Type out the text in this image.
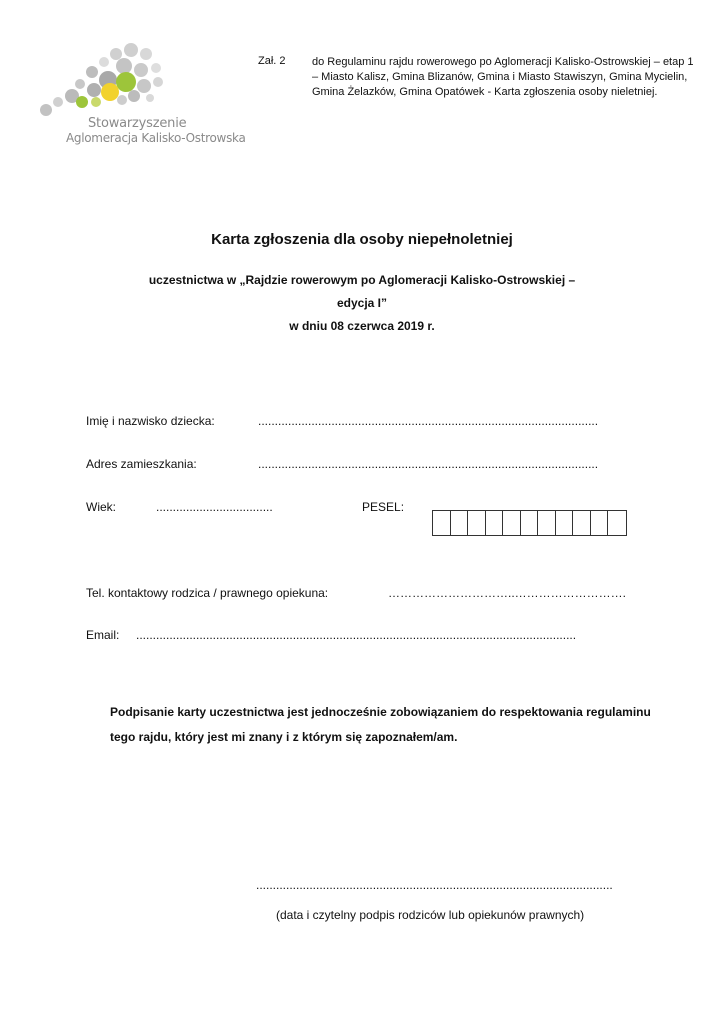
Stowarzyszenie
Aglomeracja Kalisko-Ostrowska
Zał. 2 do Regulaminu rajdu rowerowego po Aglomeracji Kalisko-Ostrowskiej – etap 1 – Miasto Kalisz, Gmina Blizanów, Gmina i Miasto Stawiszyn, Gmina Mycielin, Gmina Żelazków, Gmina Opatówek - Karta zgłoszenia osoby nieletniej.
Karta zgłoszenia dla osoby niepełnoletniej
uczestnictwa w „Rajdzie rowerowym po Aglomeracji Kalisko-Ostrowskiej –
edycja I”
w dniu 08 czerwca 2019 r.
Imię i nazwisko dziecka:	......................................................................................................
Adres zamieszkania:	......................................................................................................
Wiek:	...................................	PESEL:
Tel. kontaktowy rodzica / prawnego opiekuna:	…………………………..……………………….
Email: ....................................................................................................................................
Podpisanie karty uczestnictwa jest jednocześnie zobowiązaniem do respektowania regulaminu tego rajdu, który jest mi znany i z którym się zapoznałem/am.
...........................................................................................................
(data i czytelny podpis rodziców lub opiekunów prawnych)
